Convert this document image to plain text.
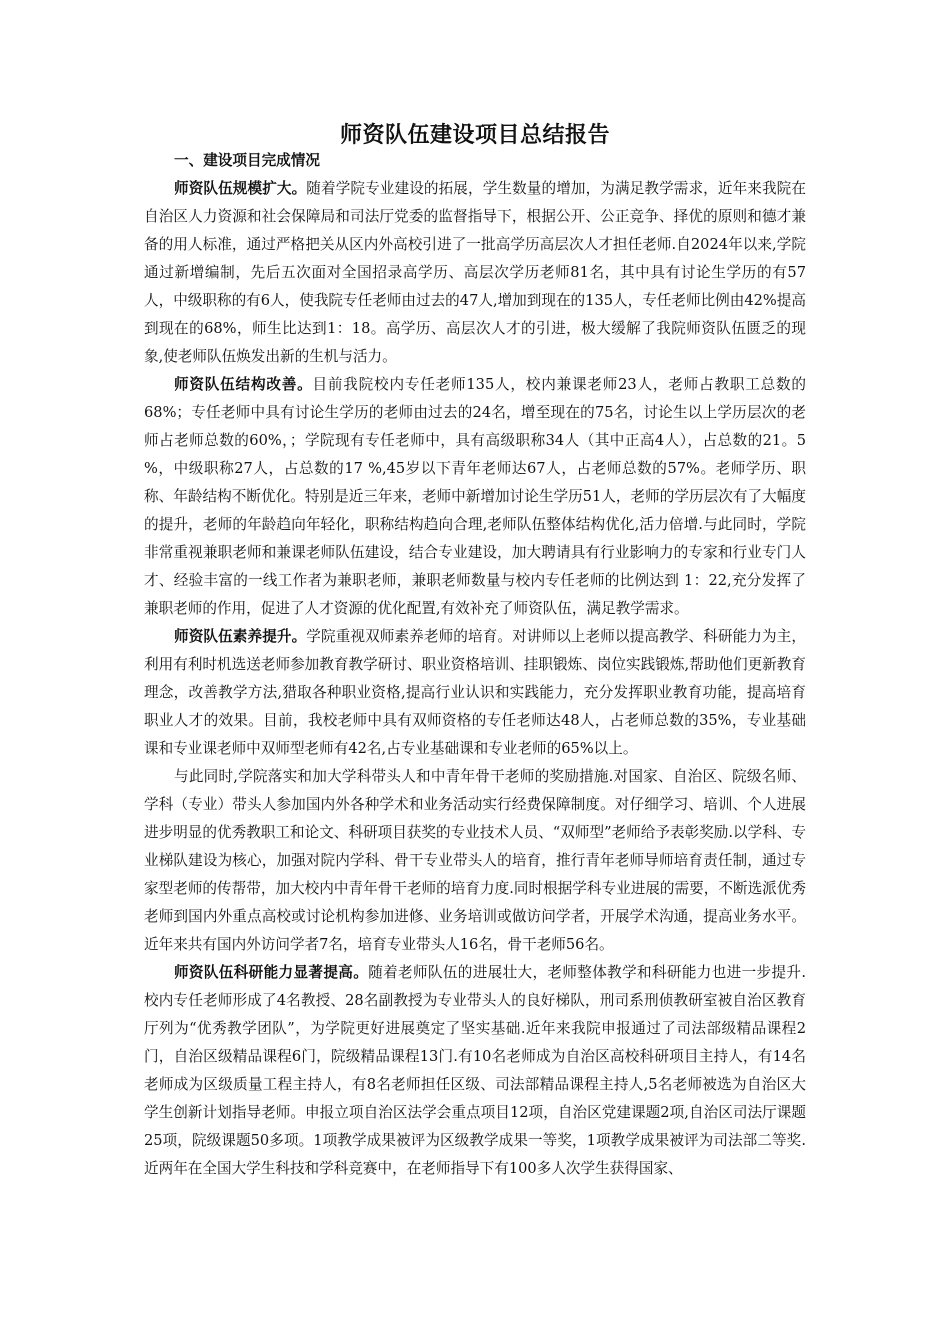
师资队伍建设项目总结报告

一、建设项目完成情况

师资队伍规模扩大。随着学院专业建设的拓展，学生数量的增加，为满足教学需求，近年来我院在自治区人力资源和社会保障局和司法厅党委的监督指导下，根据公开、公正竞争、择优的原则和德才兼备的用人标准，通过严格把关从区内外高校引进了一批高学历高层次人才担任老师.自2024年以来,学院通过新增编制，先后五次面对全国招录高学历、高层次学历老师81名，其中具有讨论生学历的有57人，中级职称的有6人，使我院专任老师由过去的47人,增加到现在的135人，专任老师比例由42%提高到现在的68%，师生比达到1：18。高学历、高层次人才的引进，极大缓解了我院师资队伍匮乏的现象,使老师队伍焕发出新的生机与活力。

师资队伍结构改善。目前我院校内专任老师135人，校内兼课老师23人，老师占教职工总数的68%；专任老师中具有讨论生学历的老师由过去的24名，增至现在的75名，讨论生以上学历层次的老师占老师总数的60%，；学院现有专任老师中，具有高级职称34人（其中正高4人），占总数的21。5 %，中级职称27人，占总数的17 %,45岁以下青年老师达67人，占老师总数的57%。老师学历、职称、年龄结构不断优化。特别是近三年来，老师中新增加讨论生学历51人，老师的学历层次有了大幅度的提升，老师的年龄趋向年轻化，职称结构趋向合理,老师队伍整体结构优化,活力倍增.与此同时，学院非常重视兼职老师和兼课老师队伍建设，结合专业建设，加大聘请具有行业影响力的专家和行业专门人才、经验丰富的一线工作者为兼职老师，兼职老师数量与校内专任老师的比例达到 1：22,充分发挥了兼职老师的作用，促进了人才资源的优化配置,有效补充了师资队伍，满足教学需求。

师资队伍素养提升。学院重视双师素养老师的培育。对讲师以上老师以提高教学、科研能力为主，利用有利时机选送老师参加教育教学研讨、职业资格培训、挂职锻炼、岗位实践锻炼,帮助他们更新教育理念，改善教学方法,猎取各种职业资格,提高行业认识和实践能力，充分发挥职业教育功能，提高培育职业人才的效果。目前，我校老师中具有双师资格的专任老师达48人，占老师总数的35%，专业基础课和专业课老师中双师型老师有42名,占专业基础课和专业老师的65%以上。

与此同时,学院落实和加大学科带头人和中青年骨干老师的奖励措施.对国家、自治区、院级名师、学科（专业）带头人参加国内外各种学术和业务活动实行经费保障制度。对仔细学习、培训、个人进展进步明显的优秀教职工和论文、科研项目获奖的专业技术人员、“双师型”老师给予表彰奖励.以学科、专业梯队建设为核心，加强对院内学科、骨干专业带头人的培育，推行青年老师导师培育责任制，通过专家型老师的传帮带，加大校内中青年骨干老师的培育力度.同时根据学科专业进展的需要，不断选派优秀老师到国内外重点高校或讨论机构参加进修、业务培训或做访问学者，开展学术沟通，提高业务水平。近年来共有国内外访问学者7名，培育专业带头人16名，骨干老师56名。

师资队伍科研能力显著提高。随着老师队伍的进展壮大，老师整体教学和科研能力也进一步提升.校内专任老师形成了4名教授、28名副教授为专业带头人的良好梯队，刑司系刑侦教研室被自治区教育厅列为“优秀教学团队”，为学院更好进展奠定了坚实基础.近年来我院申报通过了司法部级精品课程2门，自治区级精品课程6门，院级精品课程13门.有10名老师成为自治区高校科研项目主持人，有14名老师成为区级质量工程主持人，有8名老师担任区级、司法部精品课程主持人,5名老师被选为自治区大学生创新计划指导老师。申报立项自治区法学会重点项目12项，自治区党建课题2项,自治区司法厅课题25项，院级课题50多项。1项教学成果被评为区级教学成果一等奖，1项教学成果被评为司法部二等奖.近两年在全国大学生科技和学科竞赛中，在老师指导下有100多人次学生获得国家、
